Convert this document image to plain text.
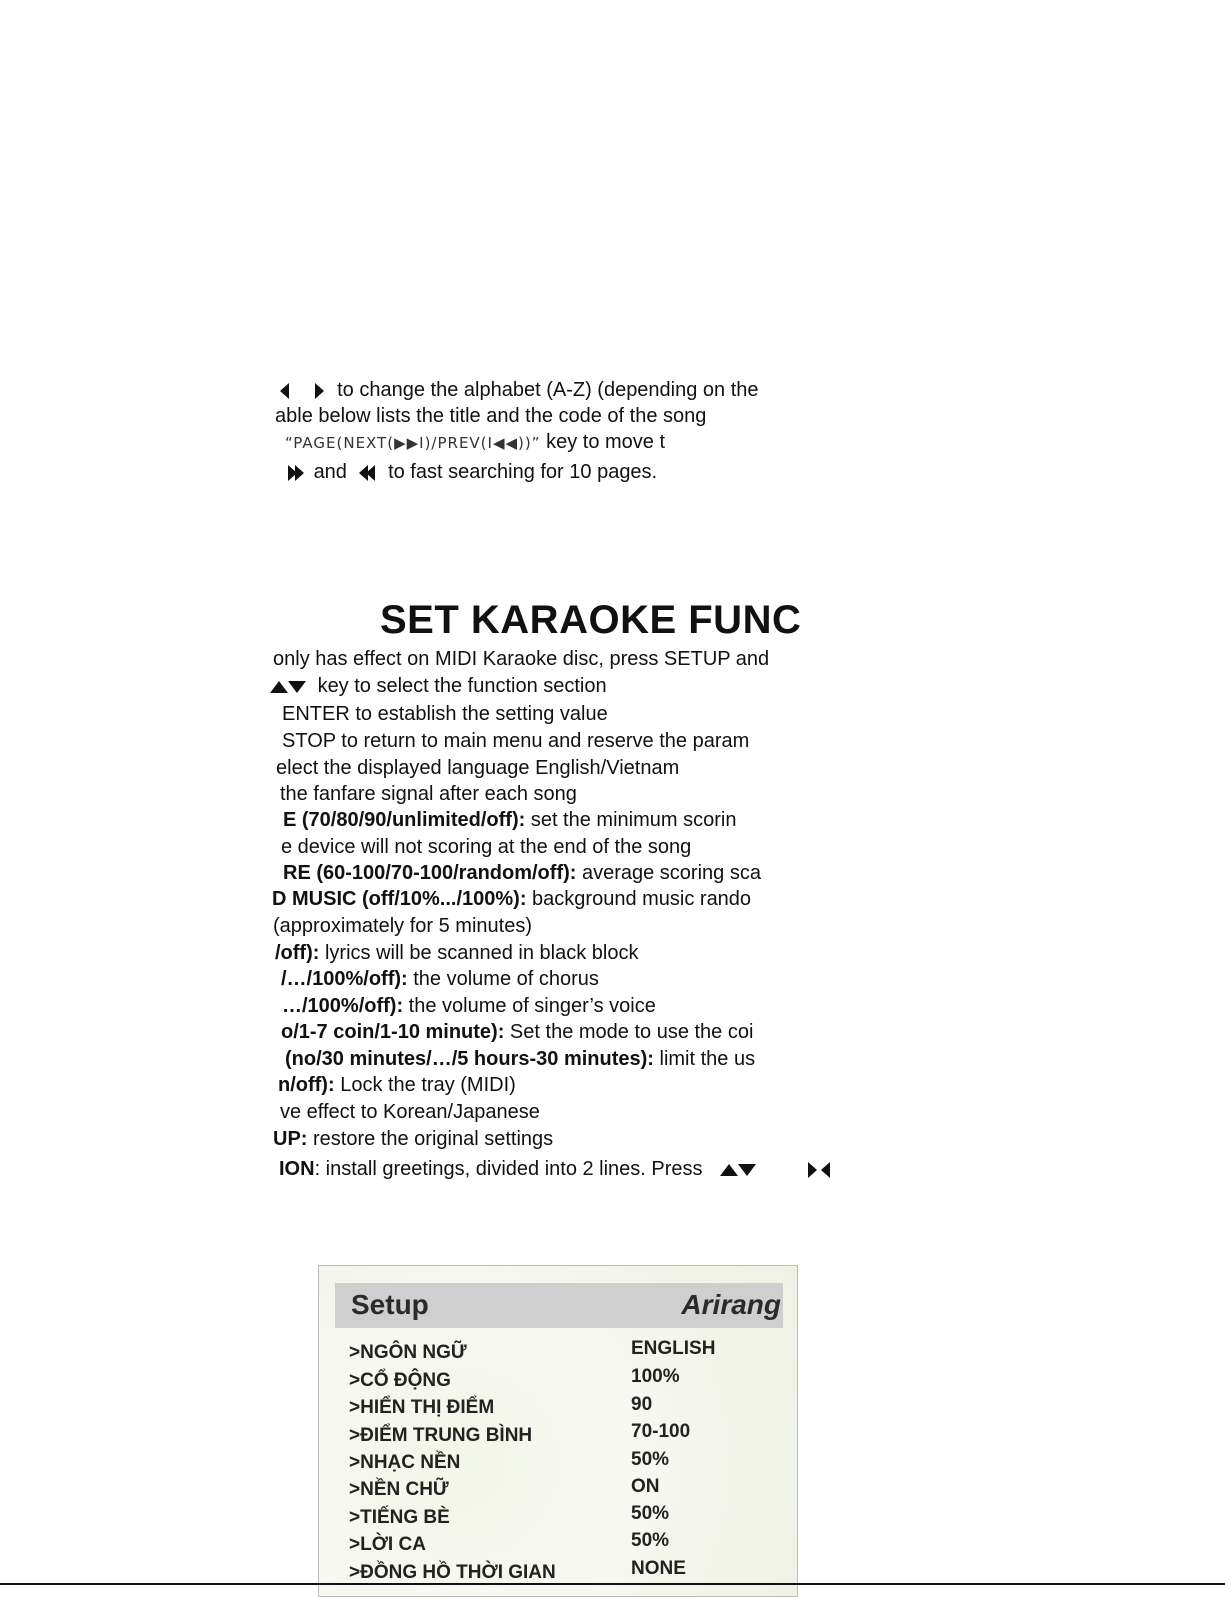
to change the alphabet (A-Z) (depending on the
able below lists the title and the code of the song
“PAGE(NEXT(▶▶I)/PREV(I◀◀))” key to move t
and to fast searching for 10 pages.
SET KARAOKE FUNC
only has effect on MIDI Karaoke disc, press SETUP and
key to select the function section
ENTER to establish the setting value
STOP to return to main menu and reserve the param
elect the displayed language English/Vietnam
the fanfare signal after each song
E (70/80/90/unlimited/off): set the minimum scorin
e device will not scoring at the end of the song
RE (60-100/70-100/random/off): average scoring sca
D MUSIC (off/10%.../100%): background music rando
(approximately for 5 minutes)
/off): lyrics will be scanned in black block
/…/100%/off): the volume of chorus
…/100%/off): the volume of singer’s voice
o/1-7 coin/1-10 minute): Set the mode to use the coi
(no/30 minutes/…/5 hours-30 minutes): limit the us
n/off): Lock the tray (MIDI)
ve effect to Korean/Japanese
UP: restore the original settings
ION: install greetings, divided into 2 lines. Press
Setup	Arirang
>NGÔN NGỮ	ENGLISH
>CỔ ĐỘNG	100%
>HIỂN THỊ ĐIỂM	90
>ĐIỂM TRUNG BÌNH	70-100
>NHẠC NỀN	50%
>NỀN CHỮ	ON
>TIẾNG BÈ	50%
>LỜI CA	50%
>ĐỒNG HỒ THỜI GIAN	NONE
